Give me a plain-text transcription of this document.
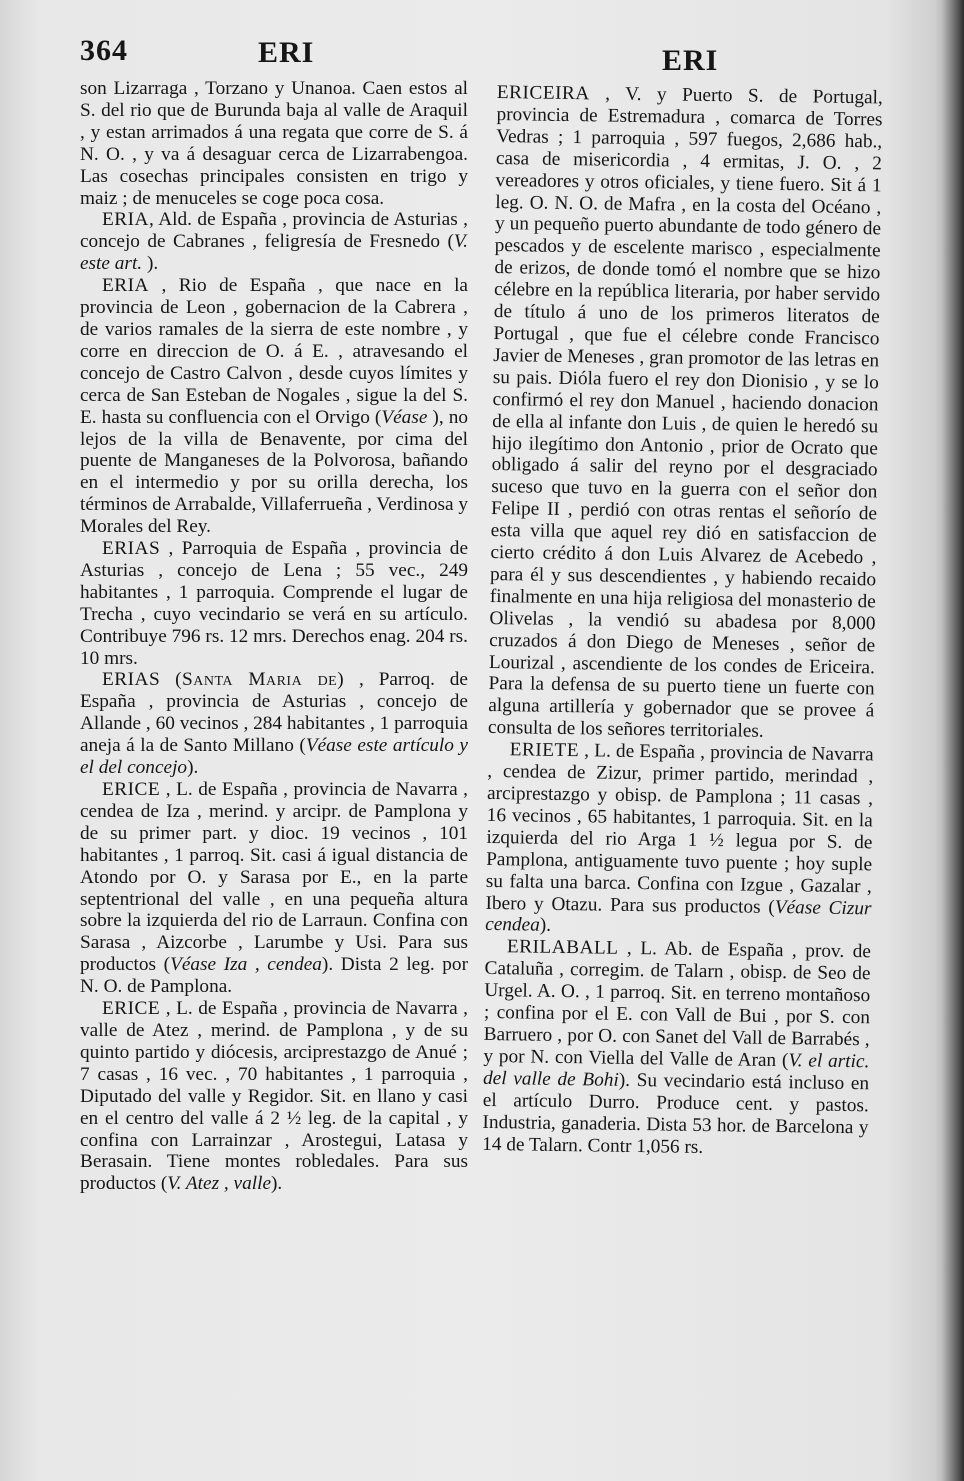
364	ERI	ERI

son Lizarraga , Torzano y Unanoa. Caen estos al S. del rio que de Burunda baja al valle de Araquil , y estan arrimados á una regata que corre de S. á N. O. , y va á desaguar cerca de Lizarrabengoa. Las cosechas principales consisten en trigo y maiz ; de menuceles se coge poca cosa.

ERIA, Ald. de España , provincia de Asturias , concejo de Cabranes , feligresía de Fresnedo (V. este art. ).

ERIA , Rio de España , que nace en la provincia de Leon , gobernacion de la Cabrera , de varios ramales de la sierra de este nombre , y corre en direccion de O. á E. , atravesando el concejo de Castro Calvon , desde cuyos límites y cerca de San Esteban de Nogales , sigue la del S. E. hasta su confluencia con el Orvigo (Véase ), no lejos de la villa de Benavente, por cima del puente de Manganeses de la Polvorosa, bañando en el intermedio y por su orilla derecha, los términos de Arrabalde, Villaferrueña , Verdinosa y Morales del Rey.

ERIAS , Parroquia de España , provincia de Asturias , concejo de Lena ; 55 vec., 249 habitantes , 1 parroquia. Comprende el lugar de Trecha , cuyo vecindario se verá en su artículo. Contribuye 796 rs. 12 mrs. Derechos enag. 204 rs. 10 mrs.

ERIAS (Santa Maria de) , Parroq. de España , provincia de Asturias , concejo de Allande , 60 vecinos , 284 habitantes , 1 parroquia aneja á la de Santo Millano (Véase este artículo y el del concejo).

ERICE , L. de España , provincia de Navarra , cendea de Iza , merind. y arcipr. de Pamplona y de su primer part. y dioc. 19 vecinos , 101 habitantes , 1 parroq. Sit. casi á igual distancia de Atondo por O. y Sarasa por E., en la parte septentrional del valle , en una pequeña altura sobre la izquierda del rio de Larraun. Confina con Sarasa , Aizcorbe , Larumbe y Usi. Para sus productos (Véase Iza , cendea). Dista 2 leg. por N. O. de Pamplona.

ERICE , L. de España , provincia de Navarra , valle de Atez , merind. de Pamplona , y de su quinto partido y diócesis, arciprestazgo de Anué ; 7 casas , 16 vec. , 70 habitantes , 1 parroquia , Diputado del valle y Regidor. Sit. en llano y casi en el centro del valle á 2 ½ leg. de la capital , y confina con Larrainzar , Arostegui, Latasa y Berasain. Tiene montes robledales. Para sus productos (V. Atez , valle).

ERICEIRA , V. y Puerto S. de Portugal, provincia de Estremadura , comarca de Torres Vedras ; 1 parroquia , 597 fuegos, 2,686 hab., casa de misericordia , 4 ermitas, J. O. , 2 vereadores y otros oficiales, y tiene fuero. Sit á 1 leg. O. N. O. de Mafra , en la costa del Océano , y un pequeño puerto abundante de todo género de pescados y de escelente marisco , especialmente de erizos, de donde tomó el nombre que se hizo célebre en la república literaria, por haber servido de título á uno de los primeros literatos de Portugal , que fue el célebre conde Francisco Javier de Meneses , gran promotor de las letras en su pais. Dióla fuero el rey don Dionisio , y se lo confirmó el rey don Manuel , haciendo donacion de ella al infante don Luis , de quien le heredó su hijo ilegítimo don Antonio , prior de Ocrato que obligado á salir del reyno por el desgraciado suceso que tuvo en la guerra con el señor don Felipe II , perdió con otras rentas el señorío de esta villa que aquel rey dió en satisfaccion de cierto crédito á don Luis Alvarez de Acebedo , para él y sus descendientes , y habiendo recaido finalmente en una hija religiosa del monasterio de Olivelas , la vendió su abadesa por 8,000 cruzados á don Diego de Meneses , señor de Lourizal , ascendiente de los condes de Ericeira. Para la defensa de su puerto tiene un fuerte con alguna artillería y gobernador que se provee á consulta de los señores territoriales.

ERIETE , L. de España , provincia de Navarra , cendea de Zizur, primer partido, merindad , arciprestazgo y obisp. de Pamplona ; 11 casas , 16 vecinos , 65 habitantes, 1 parroquia. Sit. en la izquierda del rio Arga 1 ½ legua por S. de Pamplona, antiguamente tuvo puente ; hoy suple su falta una barca. Confina con Izgue , Gazalar , Ibero y Otazu. Para sus productos (Véase Cizur cendea).

ERILABALL , L. Ab. de España , prov. de Cataluña , corregim. de Talarn , obisp. de Seo de Urgel. A. O. , 1 parroq. Sit. en terreno montañoso ; confina por el E. con Vall de Bui , por S. con Barruero , por O. con Sanet del Vall de Barrabés , y por N. con Viella del Valle de Aran (V. el artic. del valle de Bohi). Su vecindario está incluso en el artículo Durro. Produce cent. y pastos. Industria, ganaderia. Dista 53 hor. de Barcelona y 14 de Talarn. Contr 1,056 rs.
